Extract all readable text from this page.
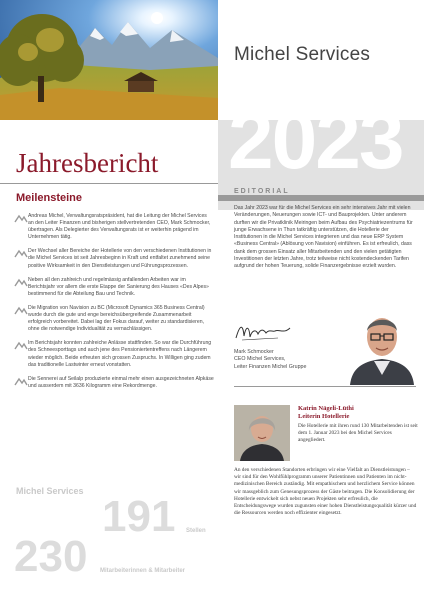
Michel Services
2023
Jahresbericht
Meilensteine
Andreas Michel, Verwaltungsratspräsident, hat die Leitung der Michel Services an den Leiter Finanzen und bisherigen stellvertretenden CEO, Mark Schmocker, übertragen. Als Delegierter des Verwaltungsrats ist er weiterhin prägend im Unternehmen tätig.
Der Wechsel aller Bereiche der Hotellerie von den verschiedenen Institutionen in die Michel Services ist seit Jahresbeginn in Kraft und entfaltet zunehmend seine positive Wirksamkeit in den Dienstleistungen und Führungsprozessen.
Neben all den zahlreich und regelmässig anfallenden Arbeiten war im Berichtsjahr vor allem die erste Etappe der Sanierung des Hauses «Des Alpes» bestimmend für die Abteilung Bau und Technik.
Die Migration von Navision zu BC (Microsoft Dynamics 365 Business Central) wurde durch die gute und enge bereichsübergreifende Zusammenarbeit erfolgreich vorbereitet. Dabei lag der Fokus darauf, weiter zu standardisieren, ohne die notwendige Individualität zu vernachlässigen.
Im Berichtsjahr konnten zahlreiche Anlässe stattfinden. So war die Durchführung des Schneesporttags und auch jene des Pensioniertentreffens nach Längerem wieder möglich. Beide erfreuten sich grossen Zuspruchs. In Willigen ging zudem das traditionelle Lastwinter erneut vonstatten.
Die Sennerei auf Seilalp produzierte einmal mehr einen ausgezeichneten Alpkäse und ausserdem mit 3636 Kilogramm eine Rekordmenge.
Michel Services
191 Stellen
230 Mitarbeiterinnen & Mitarbeiter
EDITORIAL
Das Jahr 2023 war für die Michel Services ein sehr intensives Jahr mit vielen Veränderungen, Neuerungen sowie ICT- und Bauprojekten. Unter anderem durften wir die Privatklinik Meiringen beim Aufbau des Psychiatriezentrums für junge Erwachsene in Thun tatkräftig unterstützen, die Hotellerie der Institutionen in die Michel Services integrieren und das neue ERP System «Business Central» (Ablösung von Navision) einführen. Es ist erfreulich, dass dank dem grossen Einsatz aller Mitarbeitenden und den vielen getätigten Investitionen der letzten Jahre, trotz teilweise nicht kostendeckenden Tarifen aufgrund der hohen Teuerung, solide Finanzergebnisse erzielt wurden.
Mark Schmocker
CEO Michel Services,
Leiter Finanzen Michel Gruppe
Katrin Nägeli-Lüthi
Leiterin Hotellerie
Die Hotellerie mit ihren rund 130 Mitarbeitenden ist seit dem 1. Januar 2023 bei den Michel Services angegliedert.
An den verschiedenen Standorten erbringen wir eine Vielfalt an Dienstleistungen – wir sind für den Wohlfühlprogramm unserer Patientinnen und Patienten im nicht-medizinischen Bereich zuständig. Mit empathischem und herzlichem Service können wir massgeblich zum Genesungsprozess der Gäste beitragen. Die Konsolidierung der Hotellerie entwickelt sich nebst neuen Projekten sehr erfreulich, die Entscheidungswege wurden zugunsten einer hohen Dienstleistungsqualität kürzer und die Ressourcen werden noch effizienter eingesetzt.
